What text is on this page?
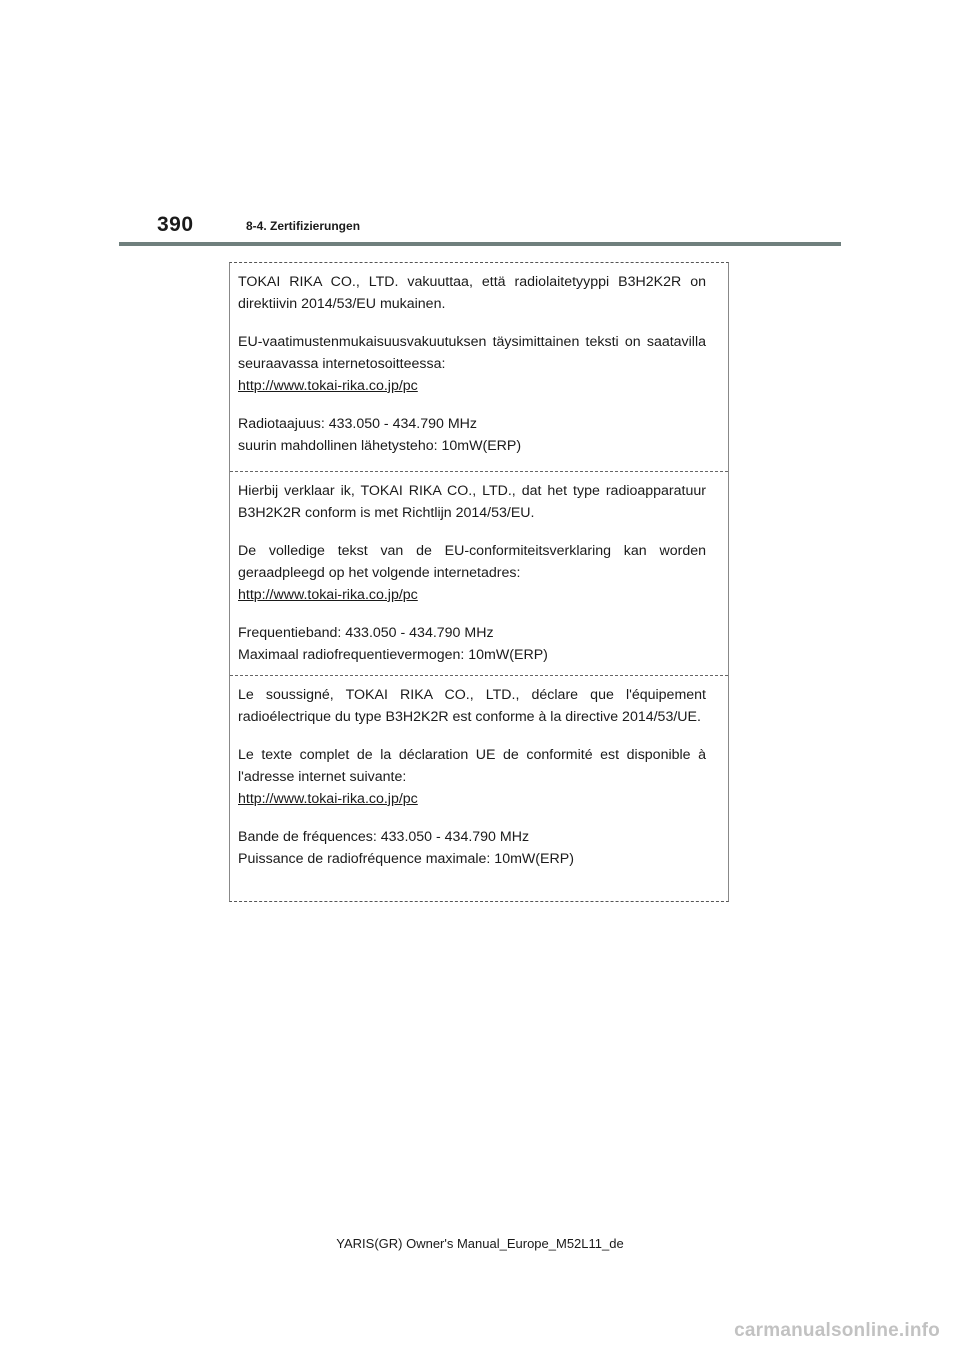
390	8-4. Zertifizierungen

TOKAI RIKA CO., LTD. vakuuttaa, että radiolaitetyyppi B3H2K2R on direktiivin 2014/53/EU mukainen.

EU-vaatimustenmukaisuusvakuutuksen täysimittainen teksti on saatavilla seuraavassa internetosoitteessa:
http://www.tokai-rika.co.jp/pc

Radiotaajuus: 433.050 - 434.790 MHz
suurin mahdollinen lähetysteho: 10mW(ERP)

Hierbij verklaar ik, TOKAI RIKA CO., LTD., dat het type radioapparatuur B3H2K2R conform is met Richtlijn 2014/53/EU.

De volledige tekst van de EU-conformiteitsverklaring kan worden geraadpleegd op het volgende internetadres:
http://www.tokai-rika.co.jp/pc

Frequentieband: 433.050 - 434.790 MHz
Maximaal radiofrequentievermogen: 10mW(ERP)

Le soussigné, TOKAI RIKA CO., LTD., déclare que l'équipement radioélectrique du type B3H2K2R est conforme à la directive 2014/53/UE.

Le texte complet de la déclaration UE de conformité est disponible à l'adresse internet suivante:
http://www.tokai-rika.co.jp/pc

Bande de fréquences: 433.050 - 434.790 MHz
Puissance de radiofréquence maximale: 10mW(ERP)

YARIS(GR) Owner's Manual_Europe_M52L11_de
carmanualsonline.info
